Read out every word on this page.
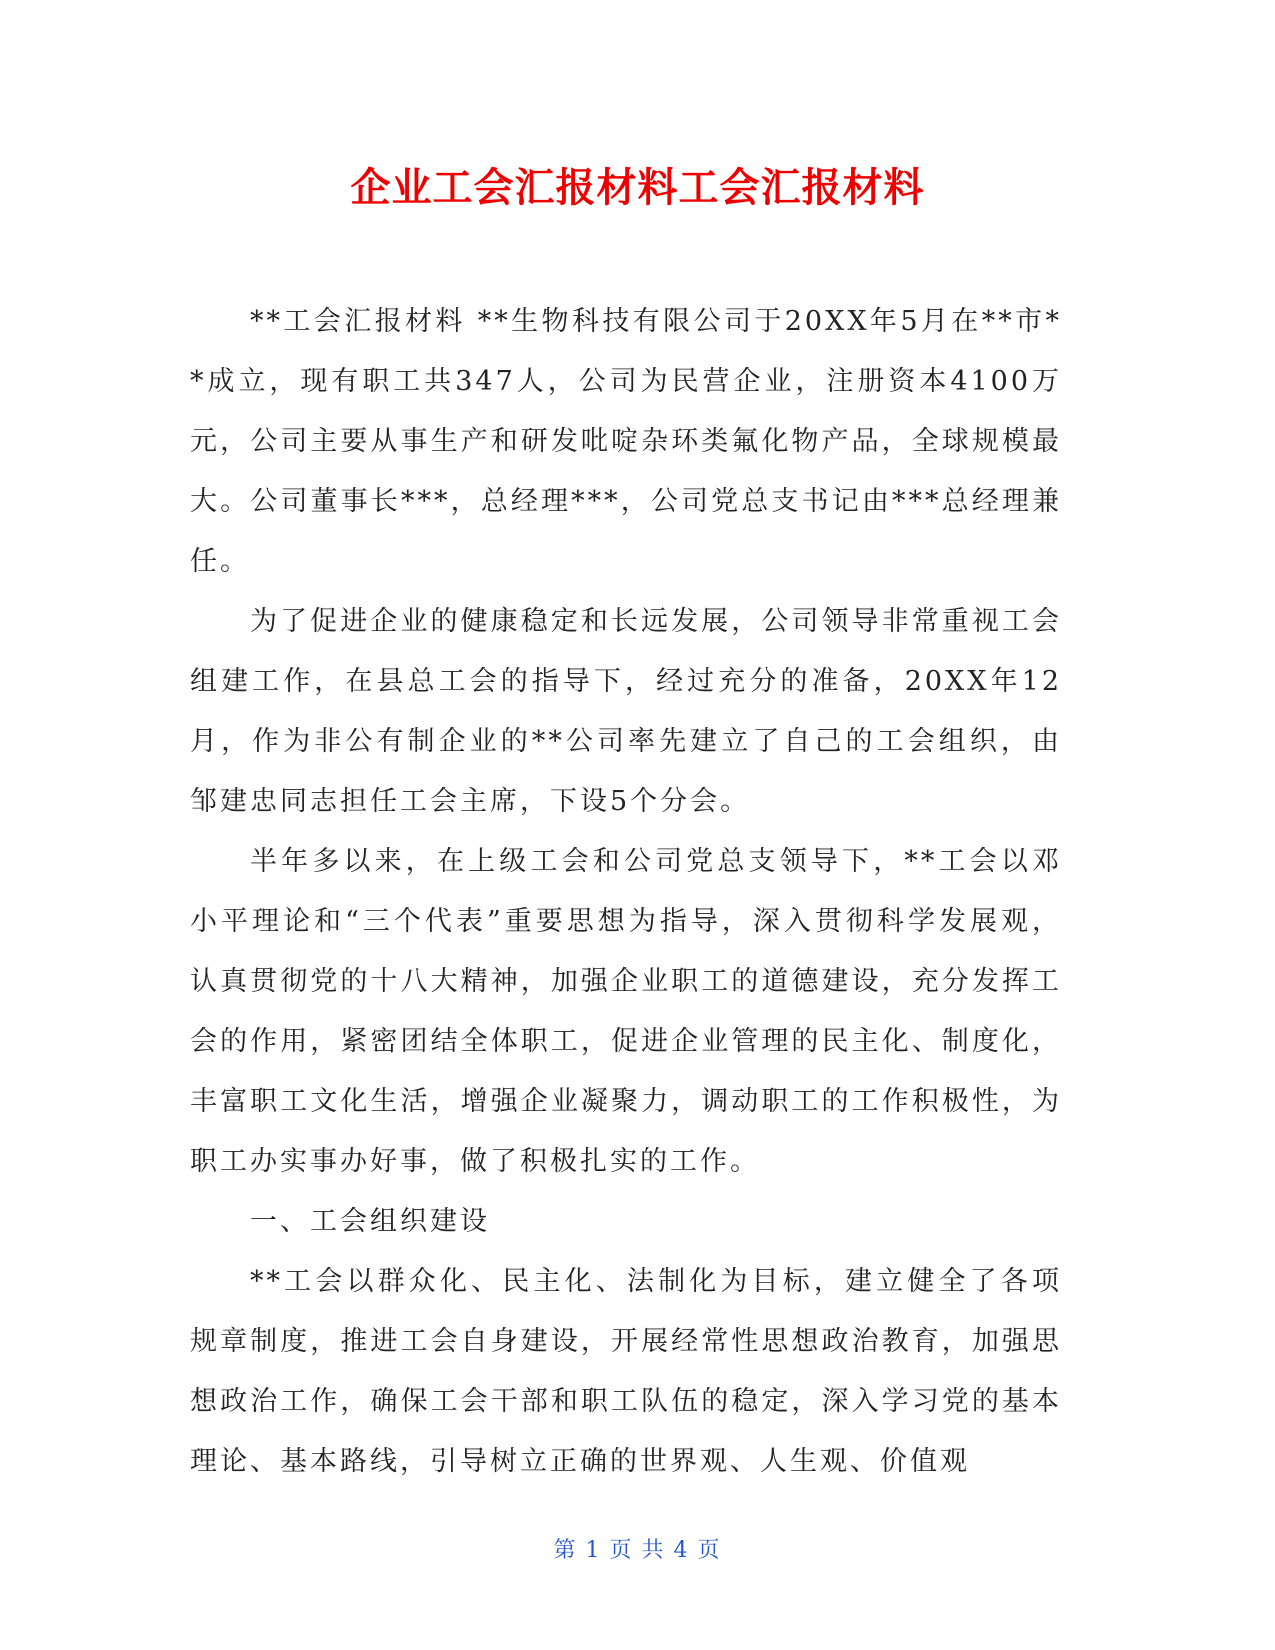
企业工会汇报材料工会汇报材料

**工会汇报材料 **生物科技有限公司于20XX年5月在**市**成立，现有职工共347人，公司为民营企业，注册资本4100万元，公司主要从事生产和研发吡啶杂环类氟化物产品，全球规模最大。公司董事长***，总经理***，公司党总支书记由***总经理兼任。

为了促进企业的健康稳定和长远发展，公司领导非常重视工会组建工作，在县总工会的指导下，经过充分的准备，20XX年12月，作为非公有制企业的**公司率先建立了自己的工会组织，由邹建忠同志担任工会主席，下设5个分会。

半年多以来，在上级工会和公司党总支领导下，**工会以邓小平理论和“三个代表”重要思想为指导，深入贯彻科学发展观，认真贯彻党的十八大精神，加强企业职工的道德建设，充分发挥工会的作用，紧密团结全体职工，促进企业管理的民主化、制度化，丰富职工文化生活，增强企业凝聚力，调动职工的工作积极性，为职工办实事办好事，做了积极扎实的工作。

一、工会组织建设

**工会以群众化、民主化、法制化为目标，建立健全了各项规章制度，推进工会自身建设，开展经常性思想政治教育，加强思想政治工作，确保工会干部和职工队伍的稳定，深入学习党的基本理论、基本路线，引导树立正确的世界观、人生观、价值观

第 1 页 共 4 页
